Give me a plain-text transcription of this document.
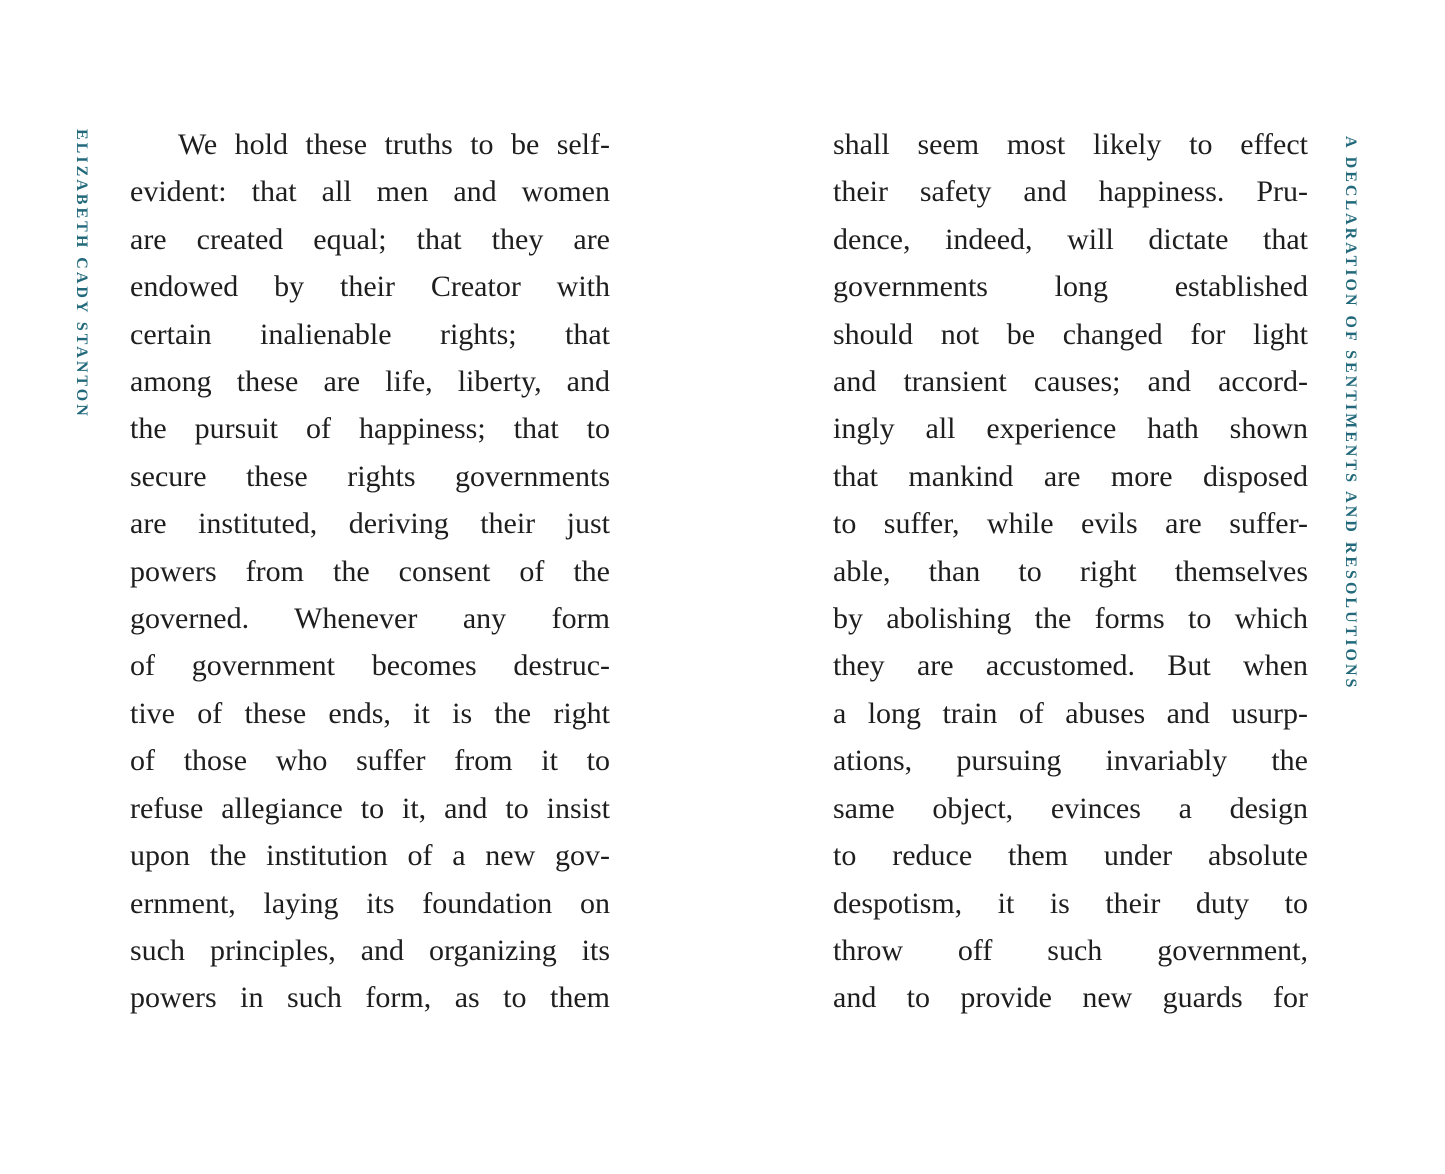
ELIZABETH CADY STANTON	We hold these truths to be self-
evident: that all men and women
are created equal; that they are
endowed by their Creator with
certain inalienable rights; that
among these are life, liberty, and
the pursuit of happiness; that to
secure these rights governments
are instituted, deriving their just
powers from the consent of the
governed. Whenever any form
of government becomes destruc-
tive of these ends, it is the right
of those who suffer from it to
refuse allegiance to it, and to insist
upon the institution of a new gov-
ernment, laying its foundation on
such principles, and organizing its
powers in such form, as to them
shall seem most likely to effect
their safety and happiness. Pru-
dence, indeed, will dictate that
governments long established
should not be changed for light
and transient causes; and accord-
ingly all experience hath shown
that mankind are more disposed
to suffer, while evils are suffer-
able, than to right themselves
by abolishing the forms to which
they are accustomed. But when
a long train of abuses and usurp-
ations, pursuing invariably the
same object, evinces a design
to reduce them under absolute
despotism, it is their duty to
throw off such government,
and to provide new guards for
A DECLARATION OF SENTIMENTS AND RESOLUTIONS
